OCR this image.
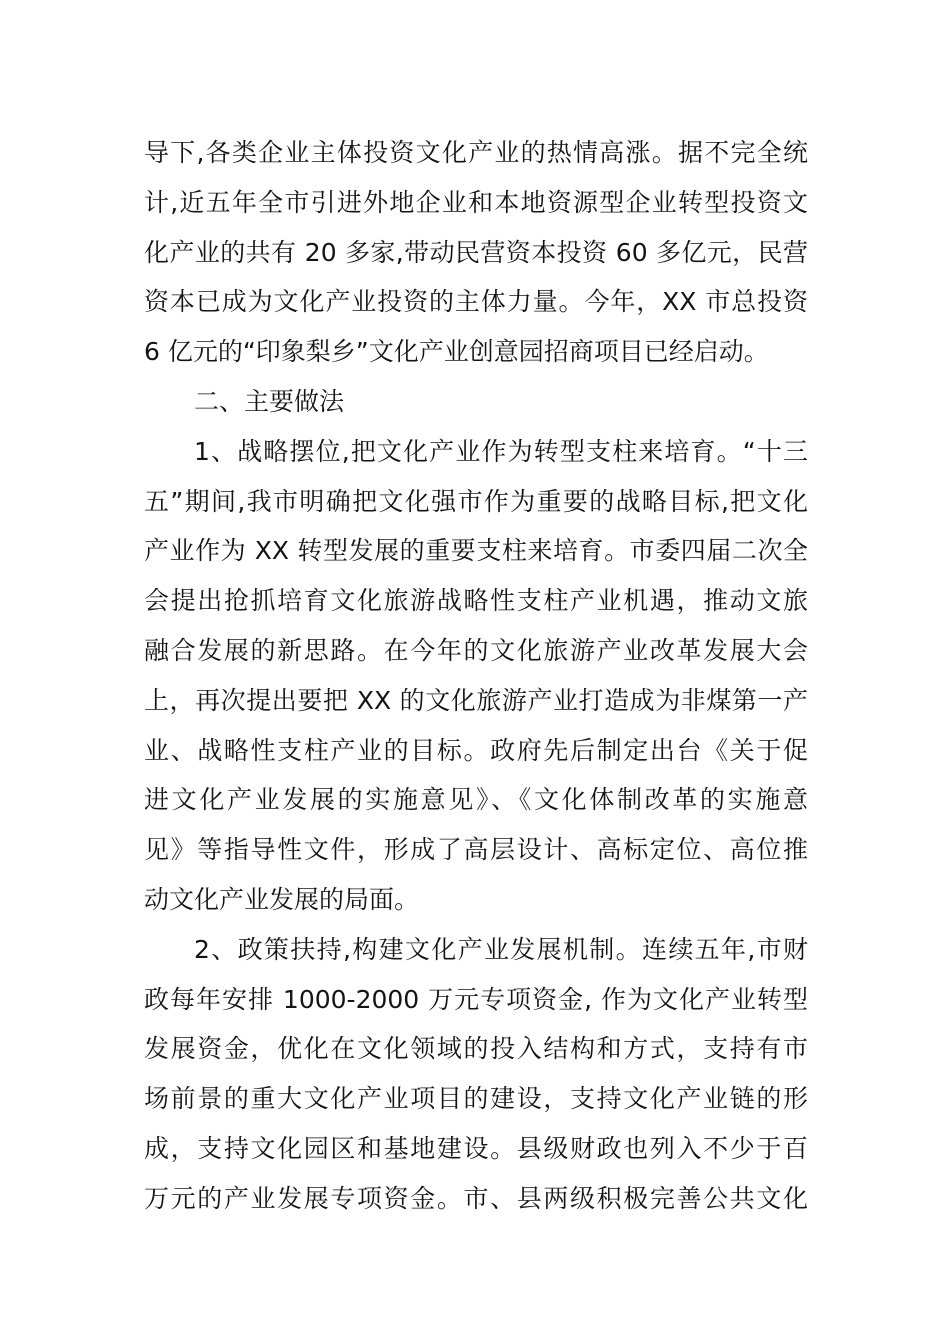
导下,各类企业主体投资文化产业的热情高涨。据不完全统
计,近五年全市引进外地企业和本地资源型企业转型投资文
化产业的共有 20 多家,带动民营资本投资 60 多亿元，民营
资本已成为文化产业投资的主体力量。今年，XX 市总投资
6 亿元的“印象梨乡”文化产业创意园招商项目已经启动。
二、主要做法
1、战略摆位,把文化产业作为转型支柱来培育。“十三
五”期间,我市明确把文化强市作为重要的战略目标,把文化
产业作为 XX 转型发展的重要支柱来培育。市委四届二次全
会提出抢抓培育文化旅游战略性支柱产业机遇，推动文旅
融合发展的新思路。在今年的文化旅游产业改革发展大会
上，再次提出要把 XX 的文化旅游产业打造成为非煤第一产
业、战略性支柱产业的目标。政府先后制定出台《关于促
进文化产业发展的实施意见》、《文化体制改革的实施意
见》等指导性文件，形成了高层设计、高标定位、高位推
动文化产业发展的局面。
2、政策扶持,构建文化产业发展机制。连续五年,市财
政每年安排 1000-2000 万元专项资金, 作为文化产业转型
发展资金，优化在文化领域的投入结构和方式，支持有市
场前景的重大文化产业项目的建设，支持文化产业链的形
成，支持文化园区和基地建设。县级财政也列入不少于百
万元的产业发展专项资金。市、县两级积极完善公共文化
